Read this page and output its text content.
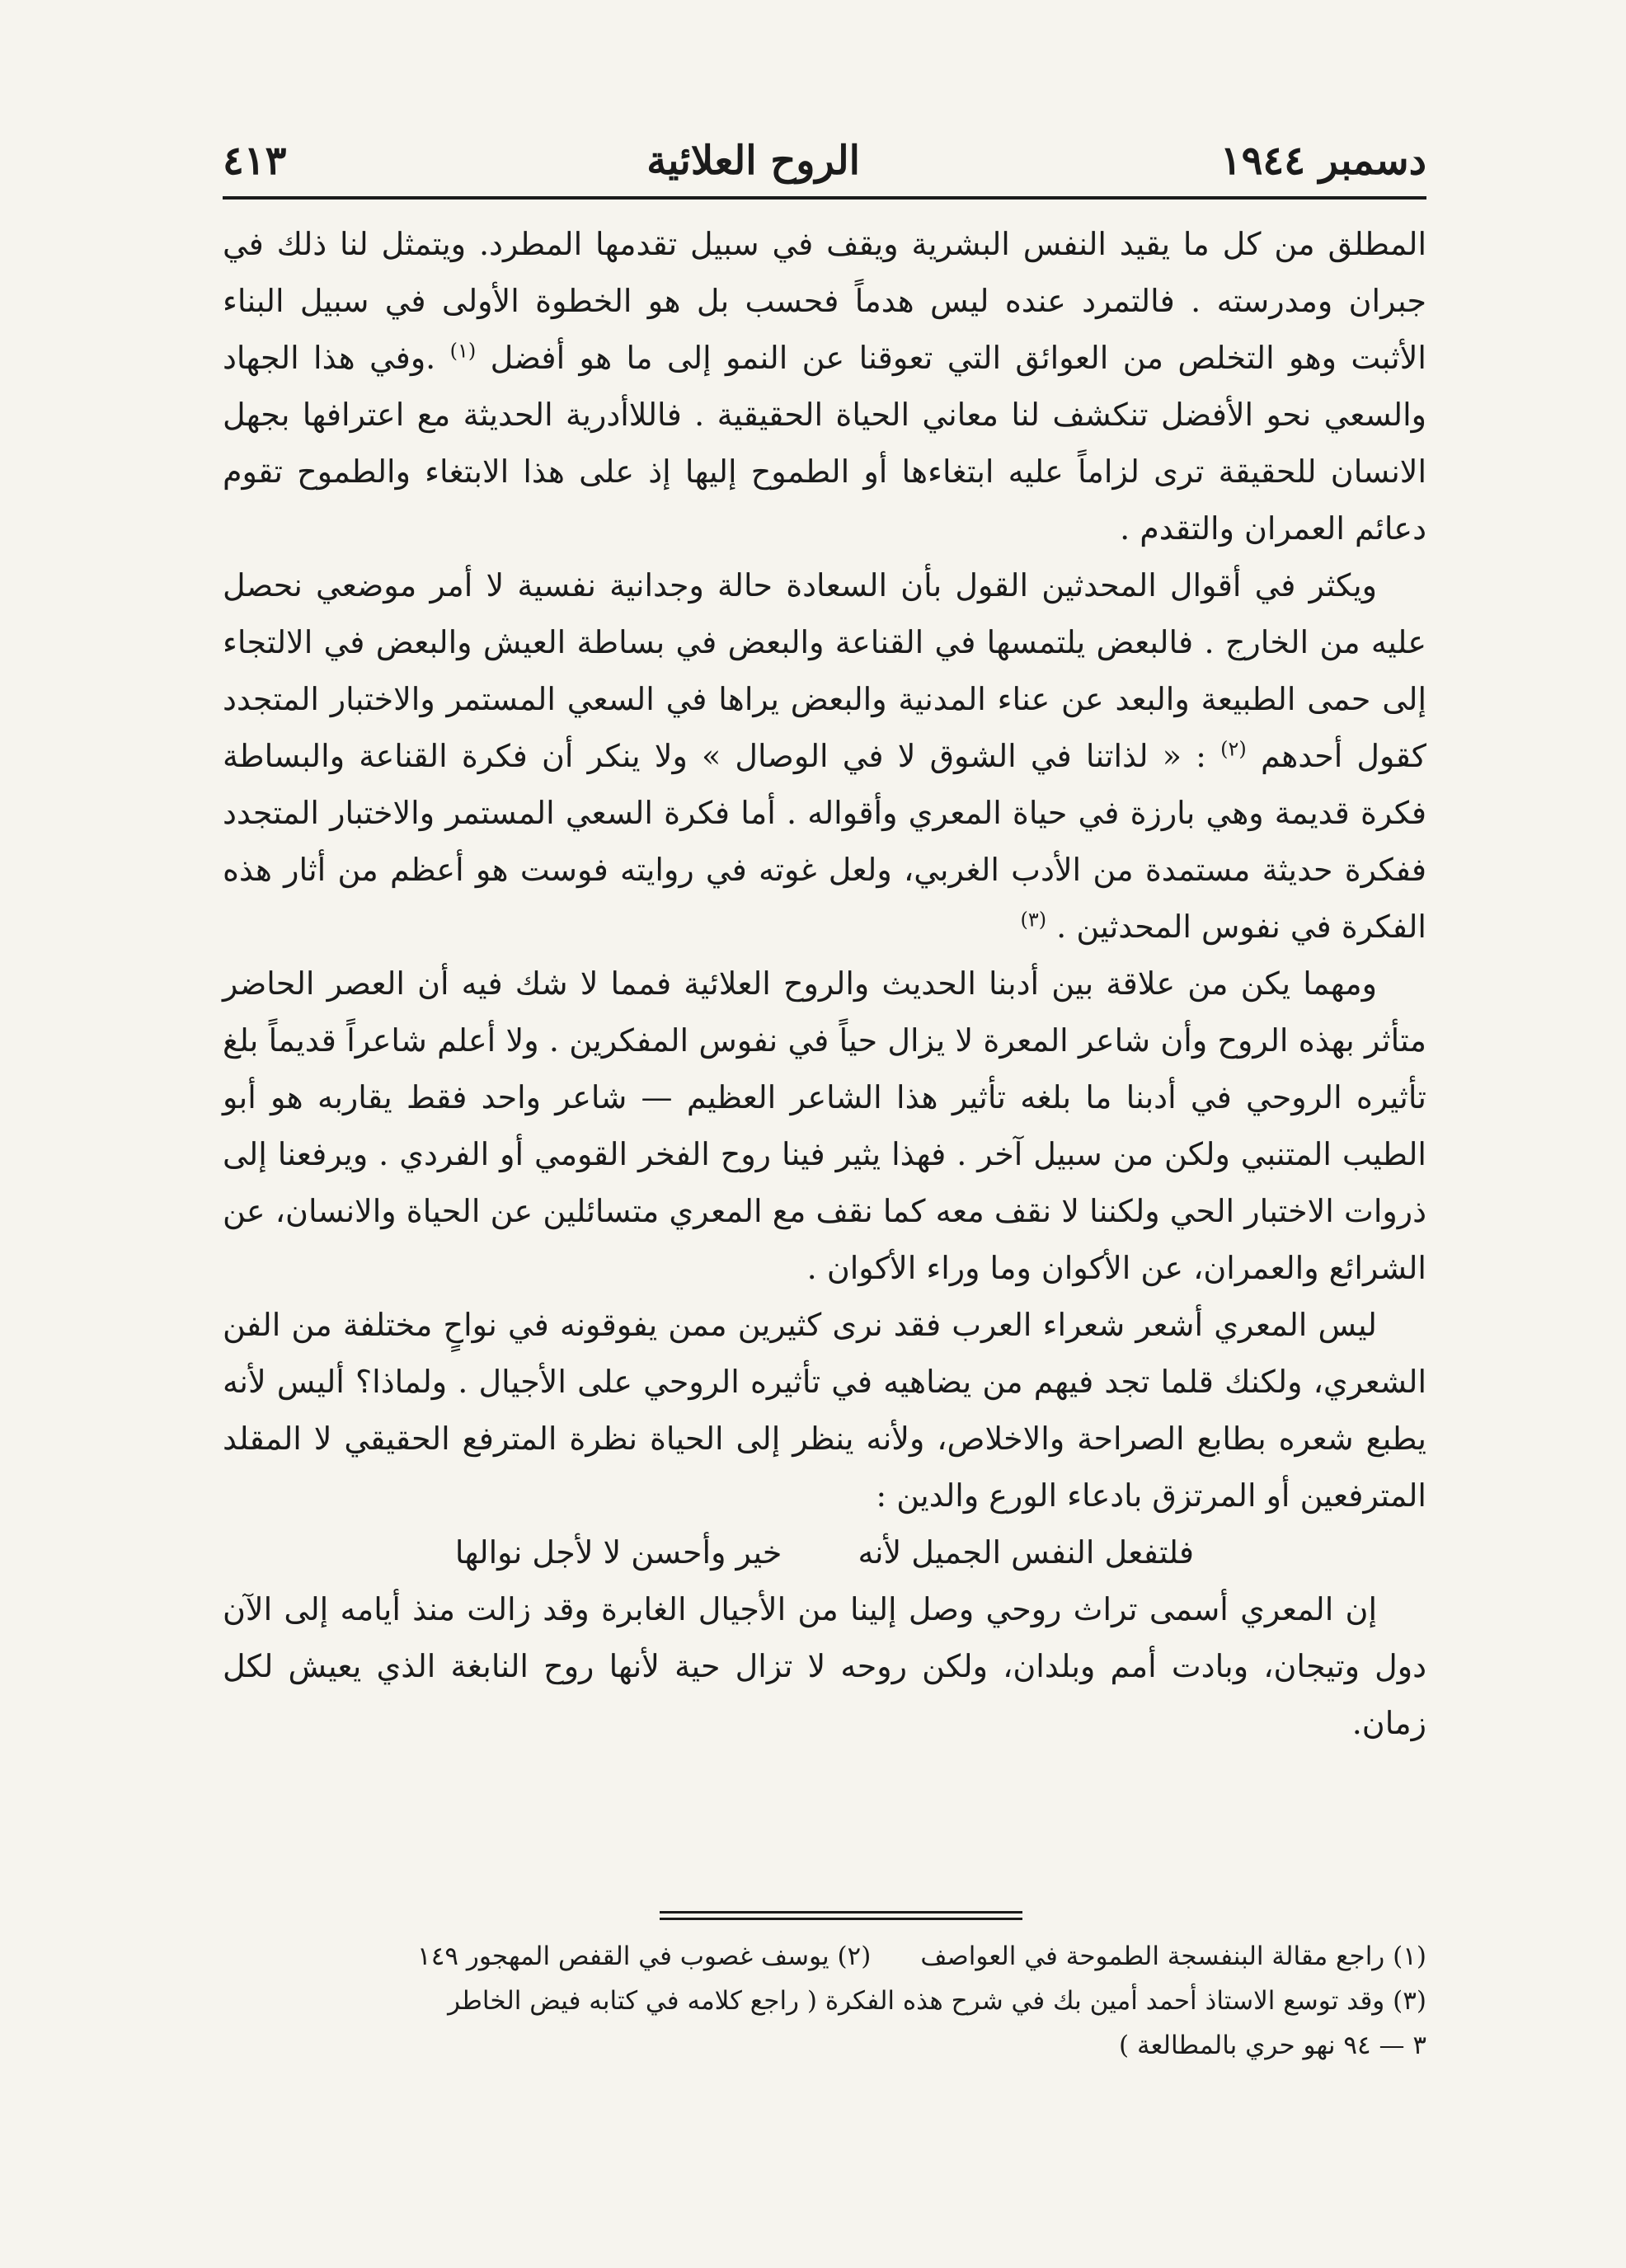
دسمبر ١٩٤٤
الروح العلائية
٤١٣

المطلق من كل ما يقيد النفس البشرية ويقف في سبيل تقدمها المطرد. ويتمثل لنا ذلك في جبران ومدرسته . فالتمرد عنده ليس هدماً فحسب بل هو الخطوة الأولى في سبيل البناء الأثبت وهو التخلص من العوائق التي تعوقنا عن النمو إلى ما هو أفضل $^{(١)}$ .وفي هذا الجهاد والسعي نحو الأفضل تنكشف لنا معاني الحياة الحقيقية . فاللاأدرية الحديثة مع اعترافها بجهل الانسان للحقيقة ترى لزاماً عليه ابتغاءها أو الطموح إليها إذ على هذا الابتغاء والطموح تقوم دعائم العمران والتقدم .

ويكثر في أقوال المحدثين القول بأن السعادة حالة وجدانية نفسية لا أمر موضعي نحصل عليه من الخارج . فالبعض يلتمسها في القناعة والبعض في بساطة العيش والبعض في الالتجاء إلى حمى الطبيعة والبعد عن عناء المدنية والبعض يراها في السعي المستمر والاختبار المتجدد كقول أحدهم $^{(٢)}$ : « لذاتنا في الشوق لا في الوصال » ولا ينكر أن فكرة القناعة والبساطة فكرة قديمة وهي بارزة في حياة المعري وأقواله . أما فكرة السعي المستمر والاختبار المتجدد ففكرة حديثة مستمدة من الأدب الغربي، ولعل غوته في روايته فوست هو أعظم من أثار هذه الفكرة في نفوس المحدثين . $^{(٣)}$

ومهما يكن من علاقة بين أدبنا الحديث والروح العلائية فمما لا شك فيه أن العصر الحاضر متأثر بهذه الروح وأن شاعر المعرة لا يزال حياً في نفوس المفكرين . ولا أعلم شاعراً قديماً بلغ تأثيره الروحي في أدبنا ما بلغه تأثير هذا الشاعر العظيم — شاعر واحد فقط يقاربه هو أبو الطيب المتنبي ولكن من سبيل آخر . فهذا يثير فينا روح الفخر القومي أو الفردي . ويرفعنا إلى ذروات الاختبار الحي ولكننا لا نقف معه كما نقف مع المعري متسائلين عن الحياة والانسان، عن الشرائع والعمران، عن الأكوان وما وراء الأكوان .

ليس المعري أشعر شعراء العرب فقد نرى كثيرين ممن يفوقونه في نواحٍ مختلفة من الفن الشعري، ولكنك قلما تجد فيهم من يضاهيه في تأثيره الروحي على الأجيال . ولماذا؟ أليس لأنه يطبع شعره بطابع الصراحة والاخلاص، ولأنه ينظر إلى الحياة نظرة المترفع الحقيقي لا المقلد المترفعين أو المرتزق بادعاء الورع والدين :

فلتفعل النفس الجميل لأنه خير وأحسن لا لأجل نوالها

إن المعري أسمى تراث روحي وصل إلينا من الأجيال الغابرة وقد زالت منذ أيامه إلى الآن دول وتيجان، وبادت أمم وبلدان، ولكن روحه لا تزال حية لأنها روح النابغة الذي يعيش لكل زمان.

(١) راجع مقالة البنفسجة الطموحة في العواصف
(٢) يوسف غصوب في القفص المهجور ١٤٩
(٣) وقد توسع الاستاذ أحمد أمين بك في شرح هذه الفكرة ( راجع كلامه في كتابه فيض الخاطر
٣ — ٩٤ نهو حري بالمطالعة )
